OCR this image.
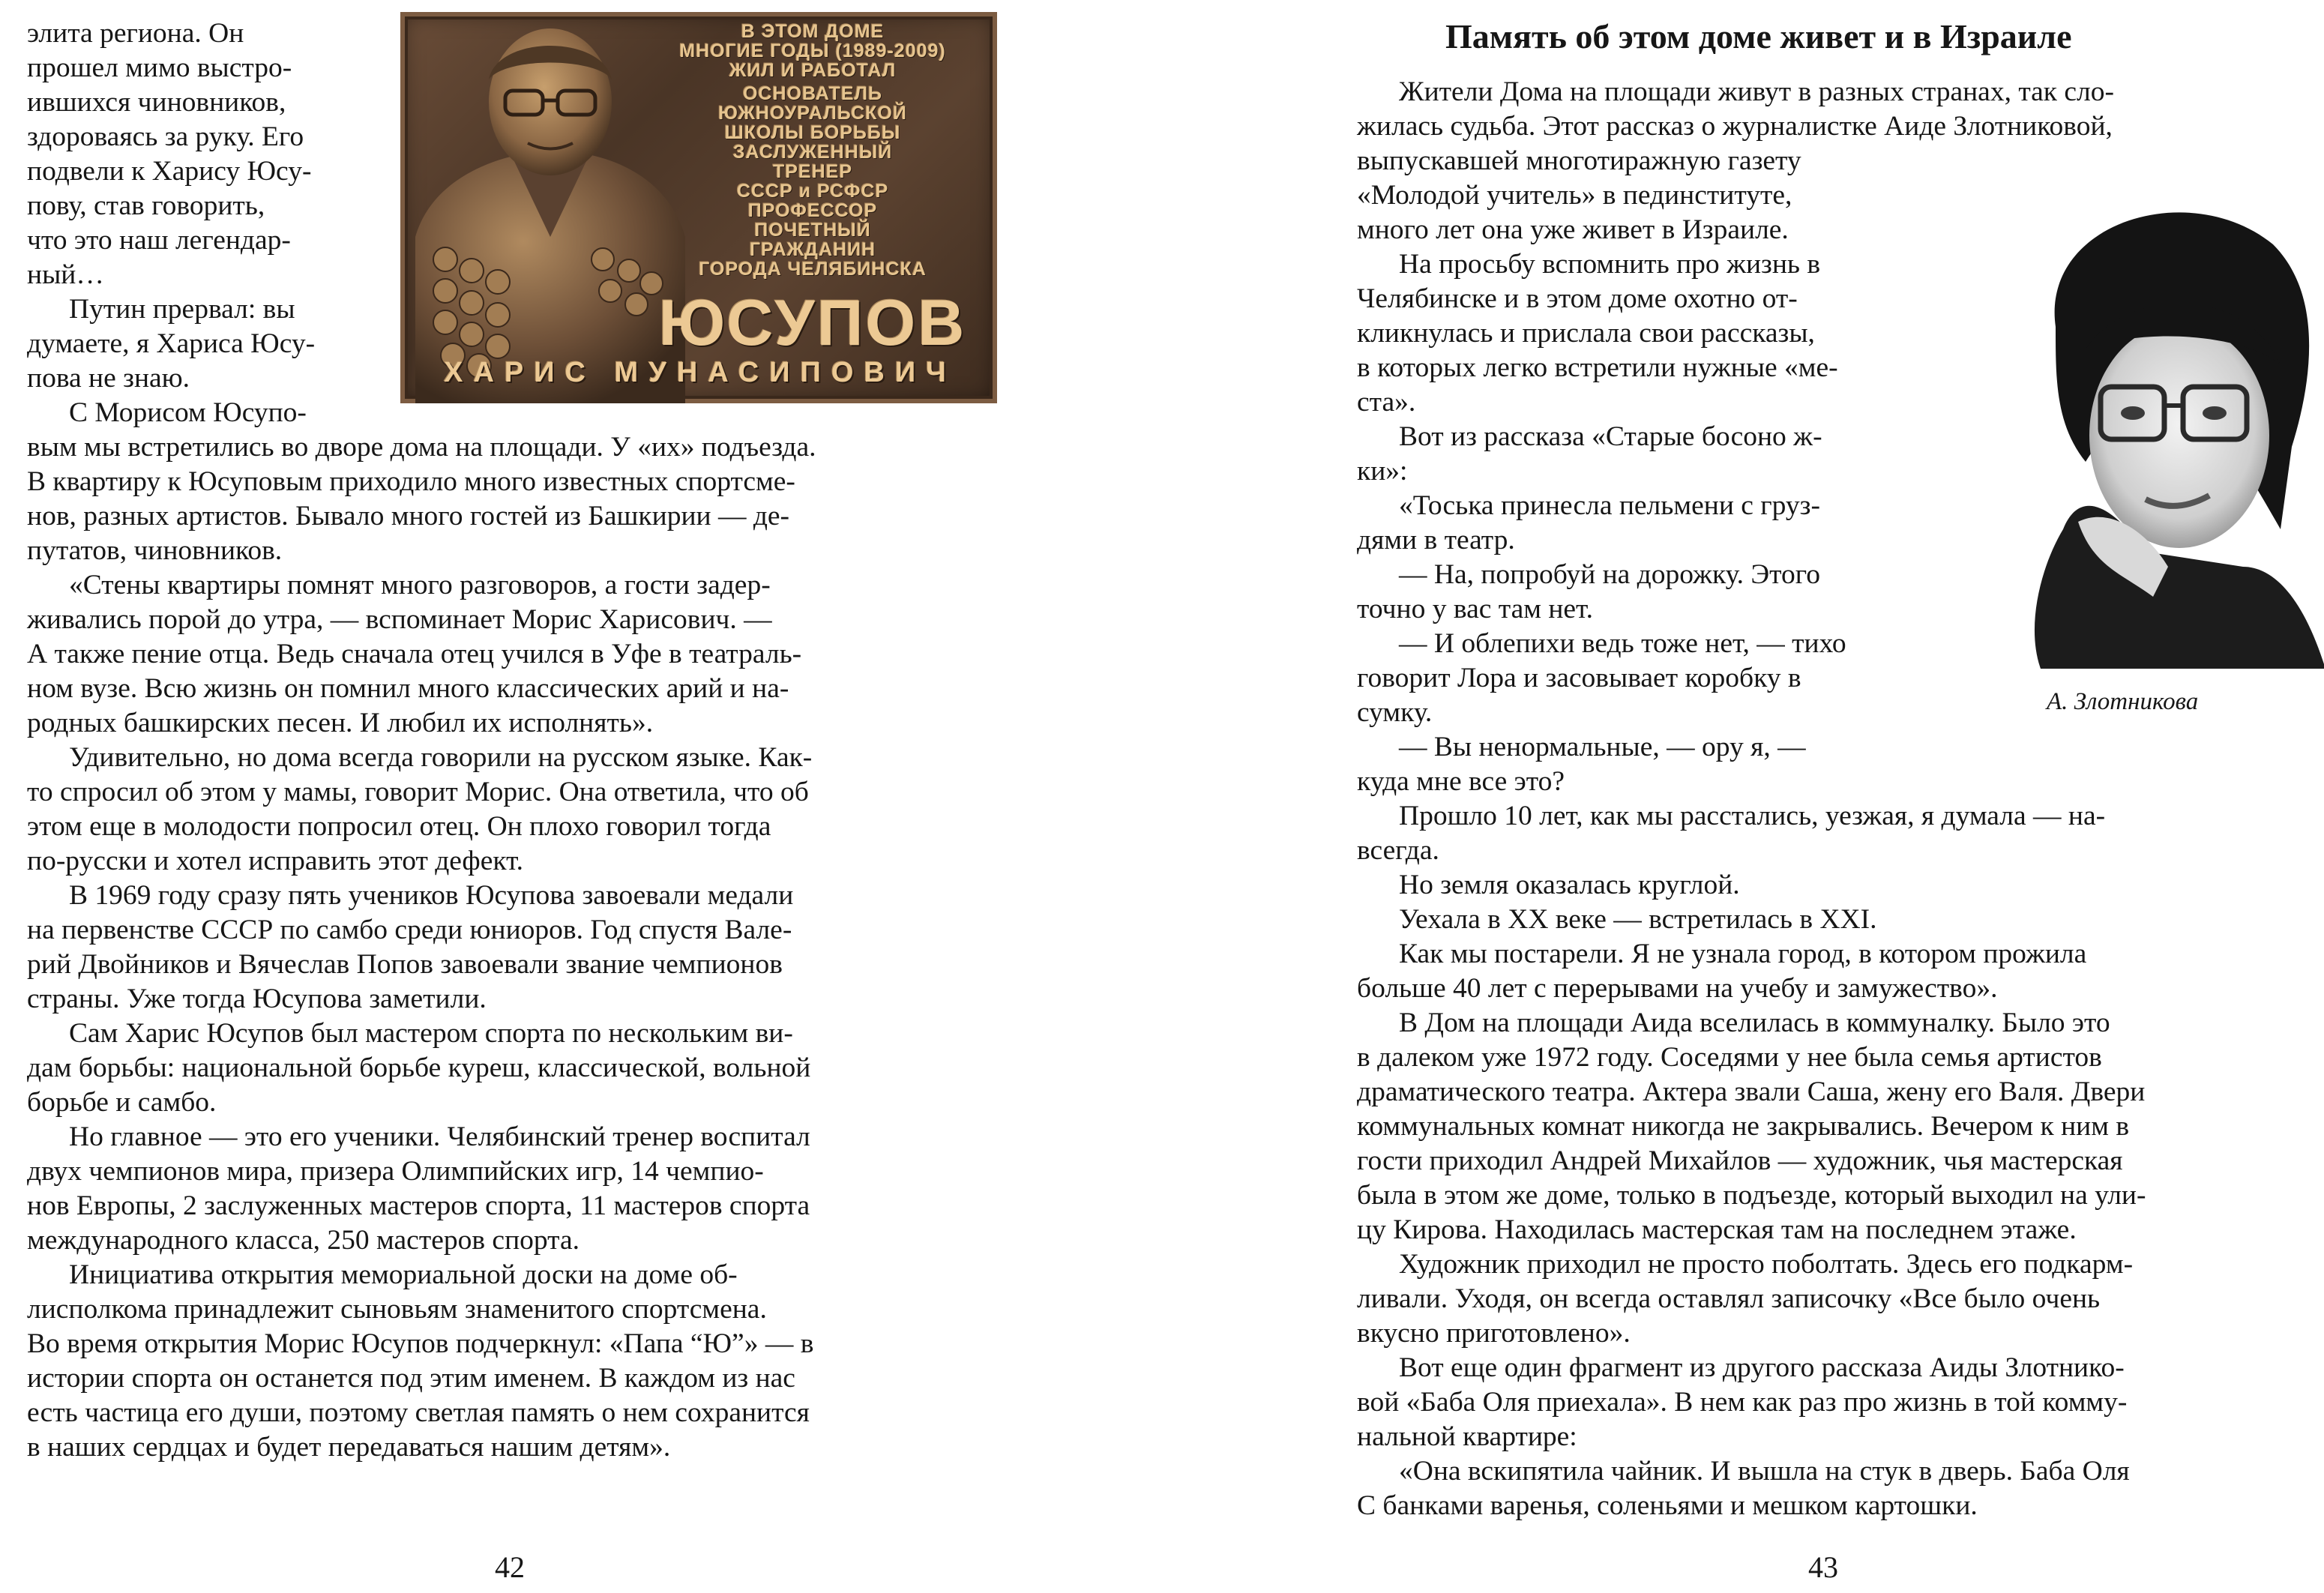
В ЭТОМ ДОМЕ
МНОГИЕ ГОДЫ (1989-2009)
ЖИЛ И РАБОТАЛ
ОСНОВАТЕЛЬ
ЮЖНОУРАЛЬСКОЙ
ШКОЛЫ БОРЬБЫ
ЗАСЛУЖЕННЫЙ
ТРЕНЕР
СССР и РСФСР
ПРОФЕССОР
ПОЧЕТНЫЙ
ГРАЖДАНИН
ГОРОДА ЧЕЛЯБИНСКА
ЮСУПОВ
ХАРИС МУНАСИПОВИЧ
элита региона. Он
прошел мимо выстро-
ившихся чиновников,
здороваясь за руку. Его
подвели к Харису Юсу-
пову, став говорить,
что это наш легендар-
ный…
Путин прервал: вы
думаете, я Хариса Юсу-
пова не знаю.
С Морисом Юсупо-
вым мы встретились во дворе дома на площади. У «их» подъезда.
В квартиру к Юсуповым приходило много известных спортсме-
нов, разных артистов. Бывало много гостей из Башкирии — де-
путатов, чиновников.
«Стены квартиры помнят много разговоров, а гости задер-
живались порой до утра, — вспоминает Морис Харисович. —
А также пение отца. Ведь сначала отец учился в Уфе в театраль-
ном вузе. Всю жизнь он помнил много классических арий и на-
родных башкирских песен. И любил их исполнять».
Удивительно, но дома всегда говорили на русском языке. Как-
то спросил об этом у мамы, говорит Морис. Она ответила, что об
этом еще в молодости попросил отец. Он плохо говорил тогда
по-русски и хотел исправить этот дефект.
В 1969 году сразу пять учеников Юсупова завоевали медали
на первенстве СССР по самбо среди юниоров. Год спустя Вале-
рий Двойников и Вячеслав Попов завоевали звание чемпионов
страны. Уже тогда Юсупова заметили.
Сам Харис Юсупов был мастером спорта по нескольким ви-
дам борьбы: национальной борьбе куреш, классической, вольной
борьбе и самбо.
Но главное — это его ученики. Челябинский тренер воспитал
двух чемпионов мира, призера Олимпийских игр, 14 чемпио-
нов Европы, 2 заслуженных мастеров спорта, 11 мастеров спорта
международного класса, 250 мастеров спорта.
Инициатива открытия мемориальной доски на доме об-
лисполкома принадлежит сыновьям знаменитого спортсмена.
Во время открытия Морис Юсупов подчеркнул: «Папа “Ю”» — в
истории спорта он останется под этим именем. В каждом из нас
есть частица его души, поэтому светлая память о нем сохранится
в наших сердцах и будет передаваться нашим детям».
42
Память об этом доме живет и в Израиле
А. Злотникова
Жители Дома на площади живут в разных странах, так сло-
жилась судьба. Этот рассказ о журналистке Аиде Злотниковой,
выпускавшей многотиражную газету
«Молодой учитель» в пединституте,
много лет она уже живет в Израиле.
На просьбу вспомнить про жизнь в
Челябинске и в этом доме охотно от-
кликнулась и прислала свои рассказы,
в которых легко встретили нужные «ме-
ста».
Вот из рассказа «Старые босоно ж-
ки»:
«Тоська принесла пельмени с груз-
дями в театр.
— На, попробуй на дорожку. Этого
точно у вас там нет.
— И облепихи ведь тоже нет, — тихо
говорит Лора и засовывает коробку в
сумку.
— Вы ненормальные, — ору я, —
куда мне все это?
Прошло 10 лет, как мы расстались, уезжая, я думала — на-
всегда.
Но земля оказалась круглой.
Уехала в XX веке — встретилась в XXI.
Как мы постарели. Я не узнала город, в котором прожила
больше 40 лет с перерывами на учебу и замужество».
В Дом на площади Аида вселилась в коммуналку. Было это
в далеком уже 1972 году. Соседями у нее была семья артистов
драматического театра. Актера звали Саша, жену его Валя. Двери
коммунальных комнат никогда не закрывались. Вечером к ним в
гости приходил Андрей Михайлов — художник, чья мастерская
была в этом же доме, только в подъезде, который выходил на ули-
цу Кирова. Находилась мастерская там на последнем этаже.
Художник приходил не просто поболтать. Здесь его подкарм-
ливали. Уходя, он всегда оставлял записочку «Все было очень
вкусно приготовлено».
Вот еще один фрагмент из другого рассказа Аиды Злотнико-
вой «Баба Оля приехала». В нем как раз про жизнь в той комму-
нальной квартире:
«Она вскипятила чайник. И вышла на стук в дверь. Баба Оля
С банками варенья, соленьями и мешком картошки.
43
